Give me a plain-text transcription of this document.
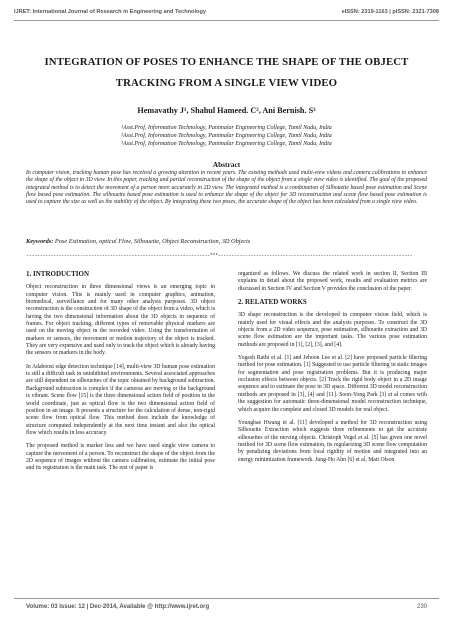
IJRET: International Journal of Research in Engineering and Technology	eISSN: 2319-1163 | pISSN: 2321-7308
INTEGRATION OF POSES TO ENHANCE THE SHAPE OF THE OBJECT TRACKING FROM A SINGLE VIEW VIDEO
Hemavathy J¹, Shahul Hameed. C², Ani Bernish. S³
¹Asst.Prof, Information Technology, Panimalar Engineering College, Tamil Nadu, India
²Asst.Prof, Information Technology, Panimalar Engineering College, Tamil Nadu, India
³Asst.Prof, Information Technology, Panimalar Engineering College, Tamil Nadu, India
Abstract
In computer vision, tracking human pose has received a growing attention in recent years. The existing methods used multi-view videos and camera calibrations to enhance the shape of the object in 3D view. In this paper, tracking and partial reconstruction of the shape of the object from a single view video is identified. The goal of the proposed integrated method is to detect the movement of a person more accurately in 2D view. The integrated method is a combination of Silhouette based pose estimation and Scene flow based pose estimation. The silhouette based pose estimation is used to enhance the shape of the object for 3D reconstruction and scene flow based pose estimation is used to capture the size as well as the stability of the object. By integrating these two poses, the accurate shape of the object has been calculated from a single view video.
Keywords: Pose Estimation, optical Flow, Silhouette, Object Reconstruction, 3D Objects
--------------------------------------------------------------------***------------------------------------------------------------------------
1. INTRODUCTION

Object reconstruction in three dimensional views is an emerging topic in computer vision. This is mainly used in computer graphics, animation, biomedical, surveillance and for many other analysis purposes. 3D object reconstruction is the construction of 3D shape of the object from a video, which is having the two dimensional information about the 3D objects in sequence of frames. For object tracking, different types of removable physical markers are used on the moving object in the recorded video. Using the transformation of markers or sensors, the movement or motion trajectory of the object is tracked. They are very expensive and used only to track the object which is already having the sensors or markers in the body.

In Adaboost edge detection technique [14], multi-view 3D human pose estimation is still a difficult task in uninhibited environments. Several associated approaches are still dependent on silhouettes of the topic obtained by background subtraction. Background subtraction is complex if the cameras are moving or the background is vibrant. Scene flow [15] is the three dimensional action field of position in the world coordinate, just as optical flow is the two dimensional action field of position in an image. It presents a structure for the calculation of dense, non-rigid scene flow from optical flow. This method does include the knowledge of structure computed independently at the next time instant and also the optical flow which results in less accuracy.

The proposed method is marker less and we have used single view camera to capture the movement of a person. To reconstruct the shape of the object from the 2D sequence of images without the camera calibration, estimate the initial pose and its registration is the main task. The rest of paper is

organized as follows. We discuss the related work in section II, Section III explains in detail about the proposed work, results and evaluation metrics are discussed in Section IV and Section V provides the conclusion of the paper.

2. RELATED WORKS

3D shape reconstruction is the developed in computer vision field, which is mainly used for visual effects and the analysis purposes. To construct the 3D objects from a 2D video sequence, pose estimation, silhouette extraction and 3D scene flow estimation are the important tasks. The various pose estimation methods are proposed in [1], [2], [3], and [4].

Yogesh Rathi et al. [1] and Jehoon Lee et al. [2] have proposed particle filtering method for pose estimation. [1] Suggested to use particle filtering in static images for segmentation and pose registration problems. But it is producing major occlusion effects between objects. [2] Track the rigid body object in a 2D image sequence and to estimate the pose in 3D space. Different 3D model reconstruction methods are proposed in [3], [4] and [11]. Soon-Yong Park [3] et al comes with the suggestion for automatic three-dimensional model reconstruction technique, which acquire the complete and closed 3D models for real object.

Youngbae Hwang et al. [11] developed a method for 3D reconstruction using Silhouette Extraction which suggests three refinements to get the accurate silhouettes of the moving objects. Christoph Vogel et al. [5] has given one novel method for 3D scene flow estimation, its regularizing 3D scene flow computation by penalizing deviations from local rigidity of motion and integrated into an energy minimization framework. Jung-Ho Ahn [6] et al, Matt Olson

Volume: 03 Issue: 12 | Dec-2014, Available @ http://www.ijret.org	230
